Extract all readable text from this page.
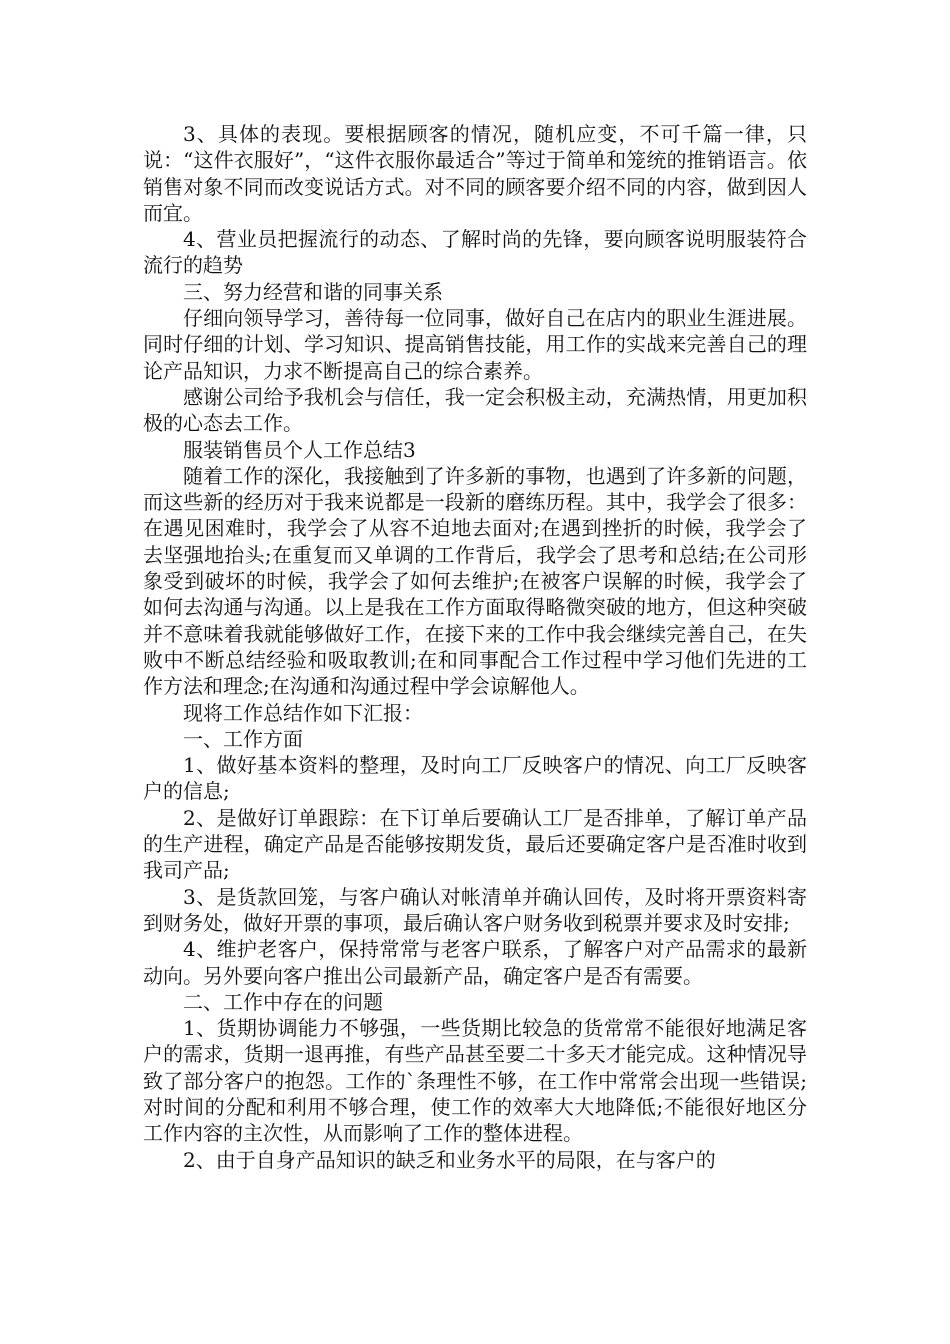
3、具体的表现。要根据顾客的情况，随机应变，不可千篇一律，只说：“这件衣服好”，“这件衣服你最适合”等过于简单和笼统的推销语言。依销售对象不同而改变说话方式。对不同的顾客要介绍不同的内容，做到因人而宜。

4、营业员把握流行的动态、了解时尚的先锋，要向顾客说明服装符合流行的趋势

三、努力经营和谐的同事关系

仔细向领导学习，善待每一位同事，做好自己在店内的职业生涯进展。同时仔细的计划、学习知识、提高销售技能，用工作的实战来完善自己的理论产品知识，力求不断提高自己的综合素养。

感谢公司给予我机会与信任，我一定会积极主动，充满热情，用更加积极的心态去工作。

服装销售员个人工作总结3

随着工作的深化，我接触到了许多新的事物，也遇到了许多新的问题，而这些新的经历对于我来说都是一段新的磨练历程。其中，我学会了很多：在遇见困难时，我学会了从容不迫地去面对;在遇到挫折的时候，我学会了去坚强地抬头;在重复而又单调的工作背后，我学会了思考和总结;在公司形象受到破坏的时候，我学会了如何去维护;在被客户误解的时候，我学会了如何去沟通与沟通。以上是我在工作方面取得略微突破的地方，但这种突破并不意味着我就能够做好工作，在接下来的工作中我会继续完善自己，在失败中不断总结经验和吸取教训;在和同事配合工作过程中学习他们先进的工作方法和理念;在沟通和沟通过程中学会谅解他人。

现将工作总结作如下汇报：

一、工作方面

1、做好基本资料的整理，及时向工厂反映客户的情况、向工厂反映客户的信息;

2、是做好订单跟踪：在下订单后要确认工厂是否排单，了解订单产品的生产进程，确定产品是否能够按期发货，最后还要确定客户是否准时收到我司产品;

3、是货款回笼，与客户确认对帐清单并确认回传，及时将开票资料寄到财务处，做好开票的事项，最后确认客户财务收到税票并要求及时安排;

4、维护老客户，保持常常与老客户联系，了解客户对产品需求的最新动向。另外要向客户推出公司最新产品，确定客户是否有需要。

二、工作中存在的问题

1、货期协调能力不够强，一些货期比较急的货常常不能很好地满足客户的需求，货期一退再推，有些产品甚至要二十多天才能完成。这种情况导致了部分客户的抱怨。工作的`条理性不够，在工作中常常会出现一些错误;对时间的分配和利用不够合理，使工作的效率大大地降低;不能很好地区分工作内容的主次性，从而影响了工作的整体进程。

2、由于自身产品知识的缺乏和业务水平的局限，在与客户的
